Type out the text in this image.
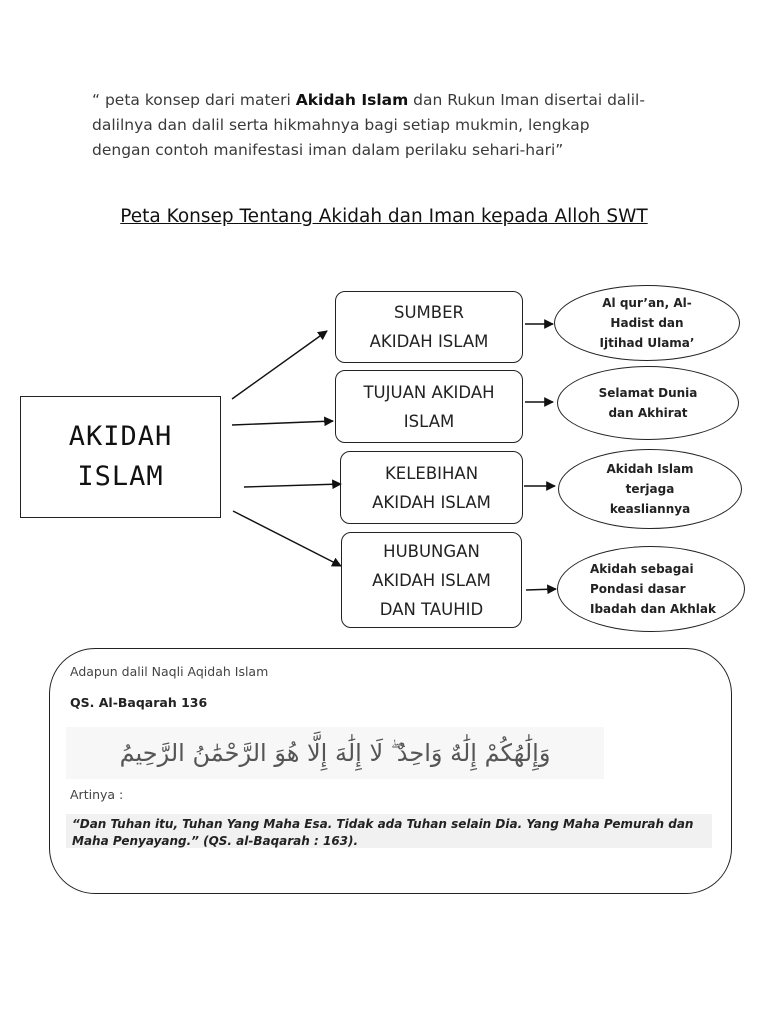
“ peta konsep dari materi Akidah Islam dan Rukun Iman disertai dalil-dalilnya dan dalil serta hikmahnya bagi setiap mukmin, lengkap dengan contoh manifestasi iman dalam perilaku sehari-hari”
Peta Konsep Tentang Akidah dan Iman kepada Alloh SWT
AKIDAH
ISLAM
SUMBER AKIDAH ISLAM
TUJUAN AKIDAH ISLAM
KELEBIHAN AKIDAH ISLAM
HUBUNGAN AKIDAH ISLAM DAN TAUHID
Al qur’an, Al-Hadist dan Ijtihad Ulama’
Selamat Dunia dan Akhirat
Akidah Islam terjaga keasliannya
Akidah sebagai Pondasi dasar Ibadah dan Akhlak
Adapun dalil Naqli Aqidah Islam
QS. Al-Baqarah 136
وَإِلَٰهُكُمْ إِلَٰهٌ وَاحِدٌ ۖ لَا إِلَٰهَ إِلَّا هُوَ الرَّحْمَٰنُ الرَّحِيمُ
Artinya :
“Dan Tuhan itu, Tuhan Yang Maha Esa. Tidak ada Tuhan selain Dia. Yang Maha Pemurah dan Maha Penyayang.” (QS. al-Baqarah : 163).
